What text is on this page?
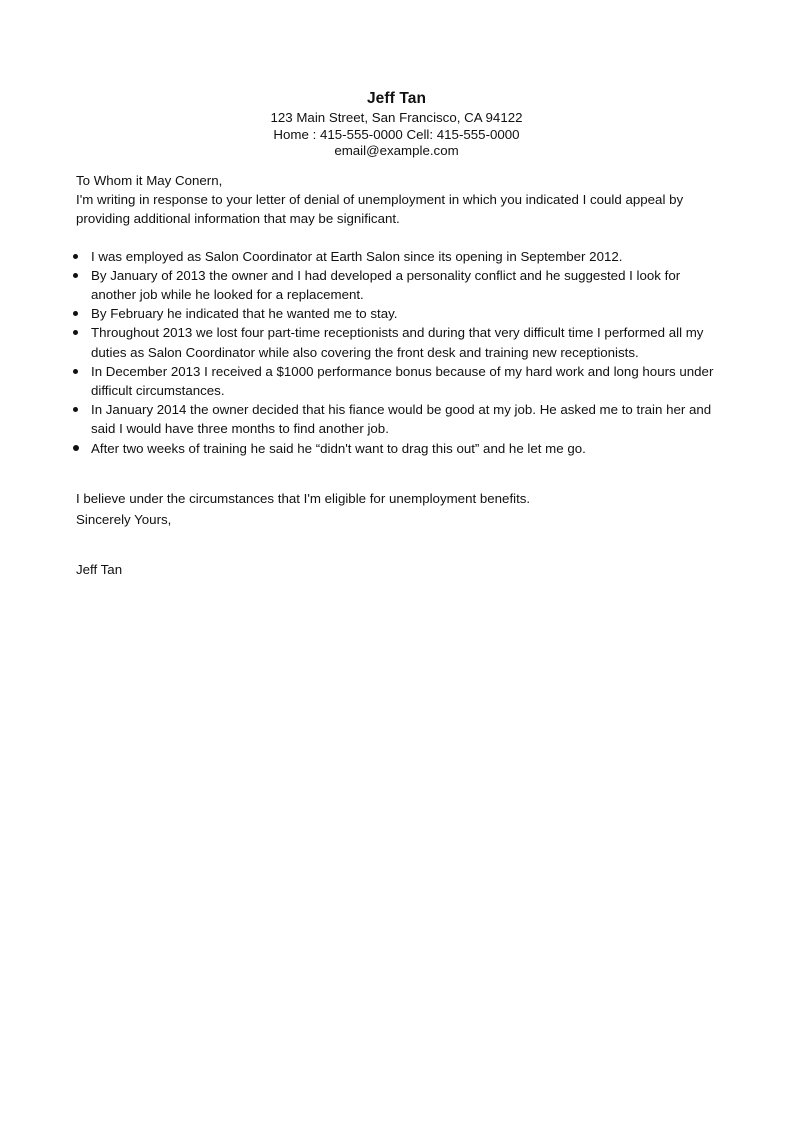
Jeff Tan
123 Main Street, San Francisco, CA 94122
Home : 415-555-0000 Cell: 415-555-0000
email@example.com

To Whom it May Conern,

I'm writing in response to your letter of denial of unemployment in which you indicated I could appeal by providing additional information that may be significant.

I was employed as Salon Coordinator at Earth Salon since its opening in September 2012.
By January of 2013 the owner and I had developed a personality conflict and he suggested I look for another job while he looked for a replacement.
By February he indicated that he wanted me to stay.
Throughout 2013 we lost four part-time receptionists and during that very difficult time I performed all my duties as Salon Coordinator while also covering the front desk and training new receptionists.
In December 2013 I received a $1000 performance bonus because of my hard work and long hours under difficult circumstances.
In January 2014 the owner decided that his fiance would be good at my job. He asked me to train her and said I would have three months to find another job.
After two weeks of training he said he “didn't want to drag this out” and he let me go.

I believe under the circumstances that I'm eligible for unemployment benefits.

Sincerely Yours,

Jeff Tan
